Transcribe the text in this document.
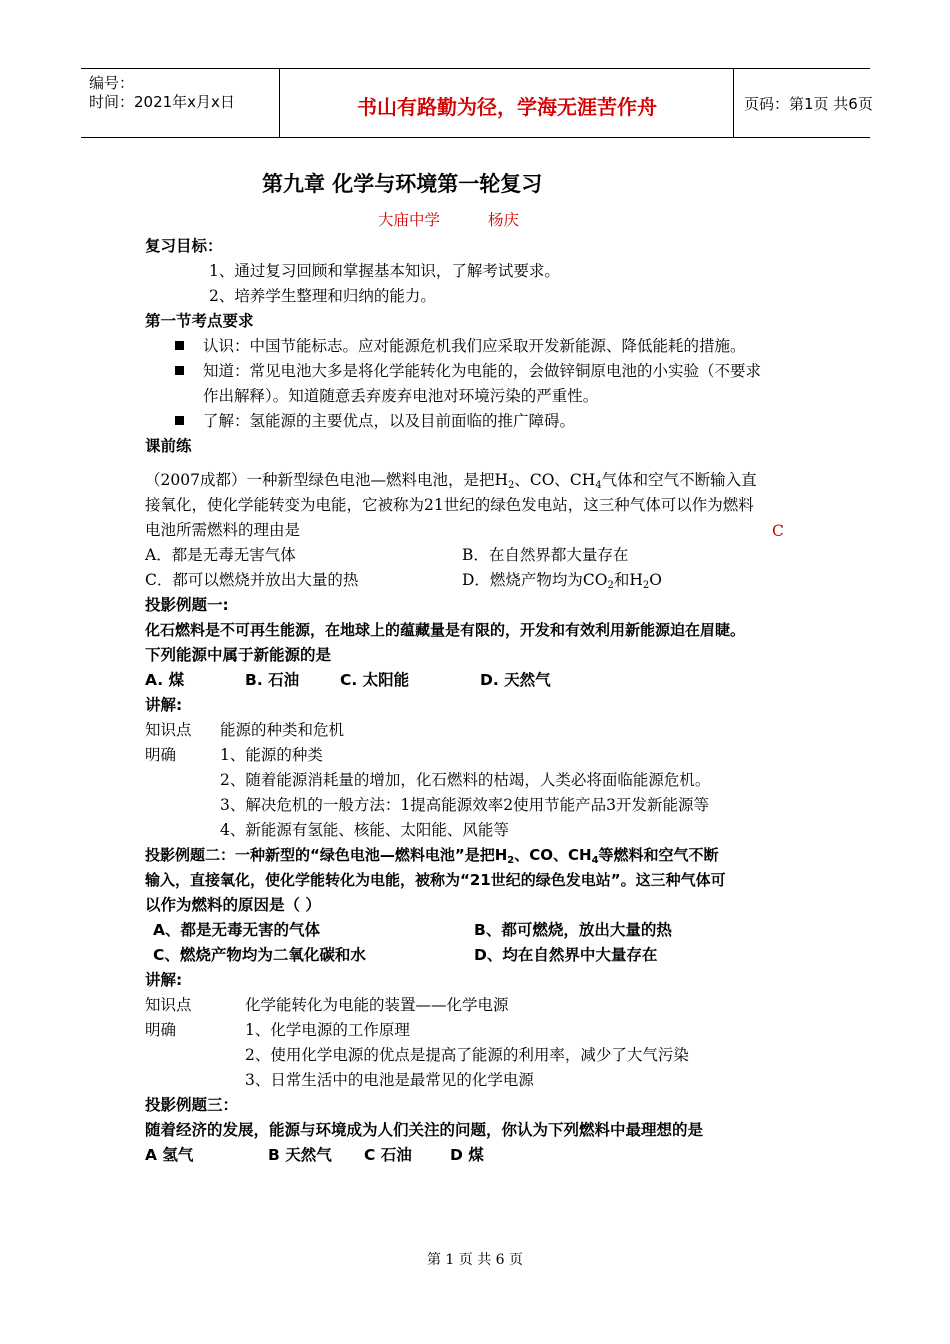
编号：
时间：2021年x月x日	书山有路勤为径，学海无涯苦作舟	页码：第1页 共6页
第九章 化学与环境第一轮复习
大庙中学	杨庆
复习目标：
1、通过复习回顾和掌握基本知识，了解考试要求。
2、培养学生整理和归纳的能力。
第一节考点要求
认识：中国节能标志。应对能源危机我们应采取开发新能源、降低能耗的措施。
知道：常见电池大多是将化学能转化为电能的，会做锌铜原电池的小实验（不要求
作出解释）。知道随意丢弃废弃电池对环境污染的严重性。
了解：氢能源的主要优点，以及目前面临的推广障碍。
课前练
（2007成都）一种新型绿色电池—燃料电池，是把$H_2$、CO、$CH_4$气体和空气不断输入直
接氧化，使化学能转变为电能，它被称为21世纪的绿色发电站，这三种气体可以作为燃料
电池所需燃料的理由是	C
A．都是无毒无害气体	B．在自然界都大量存在
C．都可以燃烧并放出大量的热	D．燃烧产物均为$CO_2$和$H_2O$
投影例题一:
化石燃料是不可再生能源，在地球上的蕴藏量是有限的，开发和有效利用新能源迫在眉睫。
下列能源中属于新能源的是
A. 煤	B. 石油	C. 太阳能	D. 天然气
讲解:
知识点 能源的种类和危机
明确	1、能源的种类
2、随着能源消耗量的增加，化石燃料的枯竭，人类必将面临能源危机。
3、解决危机的一般方法：1提高能源效率2使用节能产品3开发新能源等
4、新能源有氢能、核能、太阳能、风能等
投影例题二：一种新型的“绿色电池—燃料电池”是把$H_2$、CO、$CH_4$等燃料和空气不断
输入，直接氧化，使化学能转化为电能，被称为“21世纪的绿色发电站”。这三种气体可
以作为燃料的原因是（ ）
A、都是无毒无害的气体	B、都可燃烧，放出大量的热
C、燃烧产物均为二氧化碳和水	D、均在自然界中大量存在
讲解:
知识点	化学能转化为电能的装置——化学电源
明确	1、化学电源的工作原理
2、使用化学电源的优点是提高了能源的利用率，减少了大气污染
3、日常生活中的电池是最常见的化学电源
投影例题三：
随着经济的发展，能源与环境成为人们关注的问题，你认为下列燃料中最理想的是
A 氢气	B 天然气 C 石油 D 煤
第 1 页 共 6 页
